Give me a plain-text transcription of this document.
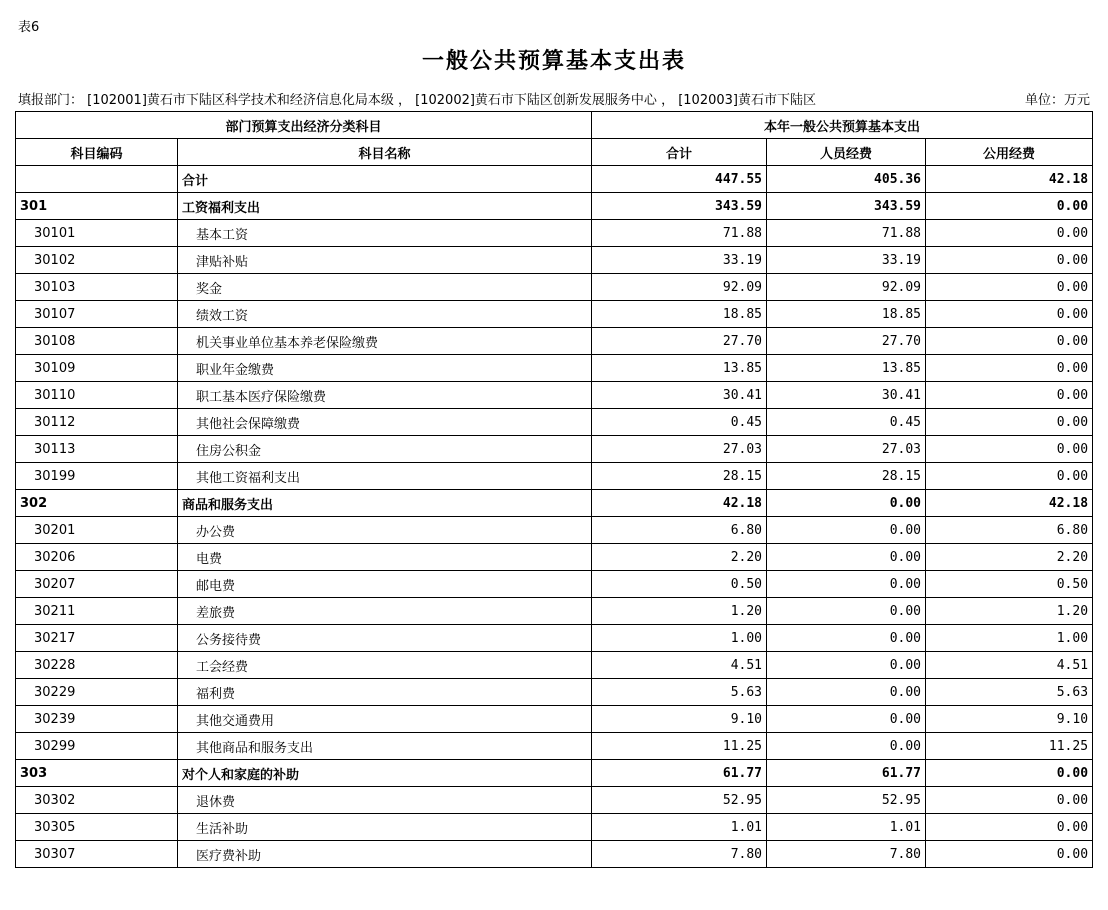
表6
一般公共预算基本支出表
填报部门： [102001]黄石市下陆区科学技术和经济信息化局本级 ， [102002]黄石市下陆区创新发展服务中心 ， [102003]黄石市下陆区	单位：万元
部门预算支出经济分类科目		本年一般公共预算基本支出		
科目编码	科目名称	合计	人员经费	公用经费
	合计	447.55	405.36	42.18
301	工资福利支出	343.59	343.59	0.00
30101	基本工资	71.88	71.88	0.00
30102	津贴补贴	33.19	33.19	0.00
30103	奖金	92.09	92.09	0.00
30107	绩效工资	18.85	18.85	0.00
30108	机关事业单位基本养老保险缴费	27.70	27.70	0.00
30109	职业年金缴费	13.85	13.85	0.00
30110	职工基本医疗保险缴费	30.41	30.41	0.00
30112	其他社会保障缴费	0.45	0.45	0.00
30113	住房公积金	27.03	27.03	0.00
30199	其他工资福利支出	28.15	28.15	0.00
302	商品和服务支出	42.18	0.00	42.18
30201	办公费	6.80	0.00	6.80
30206	电费	2.20	0.00	2.20
30207	邮电费	0.50	0.00	0.50
30211	差旅费	1.20	0.00	1.20
30217	公务接待费	1.00	0.00	1.00
30228	工会经费	4.51	0.00	4.51
30229	福利费	5.63	0.00	5.63
30239	其他交通费用	9.10	0.00	9.10
30299	其他商品和服务支出	11.25	0.00	11.25
303	对个人和家庭的补助	61.77	61.77	0.00
30302	退休费	52.95	52.95	0.00
30305	生活补助	1.01	1.01	0.00
30307	医疗费补助	7.80	7.80	0.00
